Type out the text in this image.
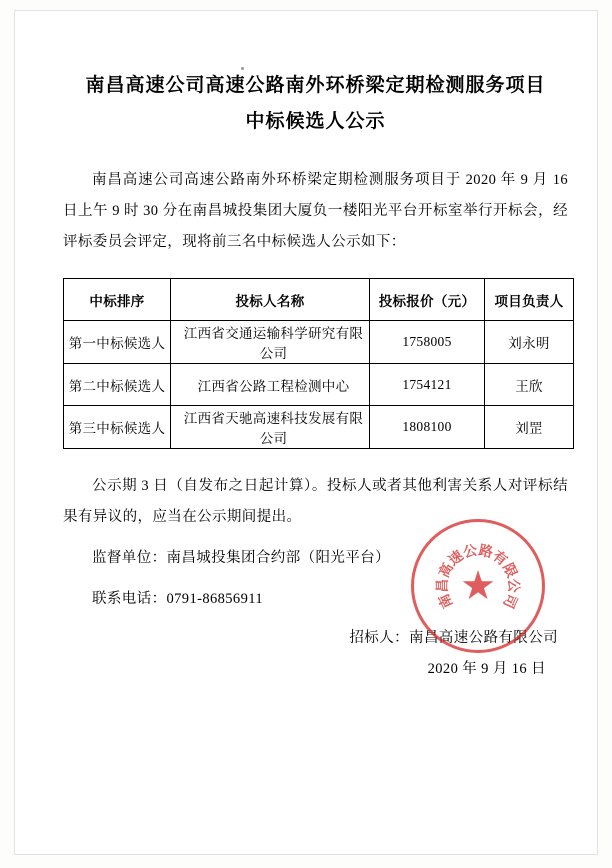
南昌高速公司高速公路南外环桥梁定期检测服务项目
中标候选人公示
南昌高速公司高速公路南外环桥梁定期检测服务项目于 2020 年 9 月 16 日上午 9 时 30 分在南昌城投集团大厦负一楼阳光平台开标室举行开标会，经评标委员会评定，现将前三名中标候选人公示如下：
中标排序	投标人名称	投标报价（元）	项目负责人
第一中标候选人	江西省交通运输科学研究有限公司	1758005	刘永明
第二中标候选人	江西省公路工程检测中心	1754121	王欣
第三中标候选人	江西省天驰高速科技发展有限公司	1808100	刘罡
公示期 3 日（自发布之日起计算）。投标人或者其他利害关系人对评标结果有异议的，应当在公示期间提出。
监督单位：南昌城投集团合约部（阳光平台）
联系电话：0791-86856911
招标人：南昌高速公路有限公司
2020 年 9 月 16 日
南
昌
高
速
公
路
有
限
公
司
★
